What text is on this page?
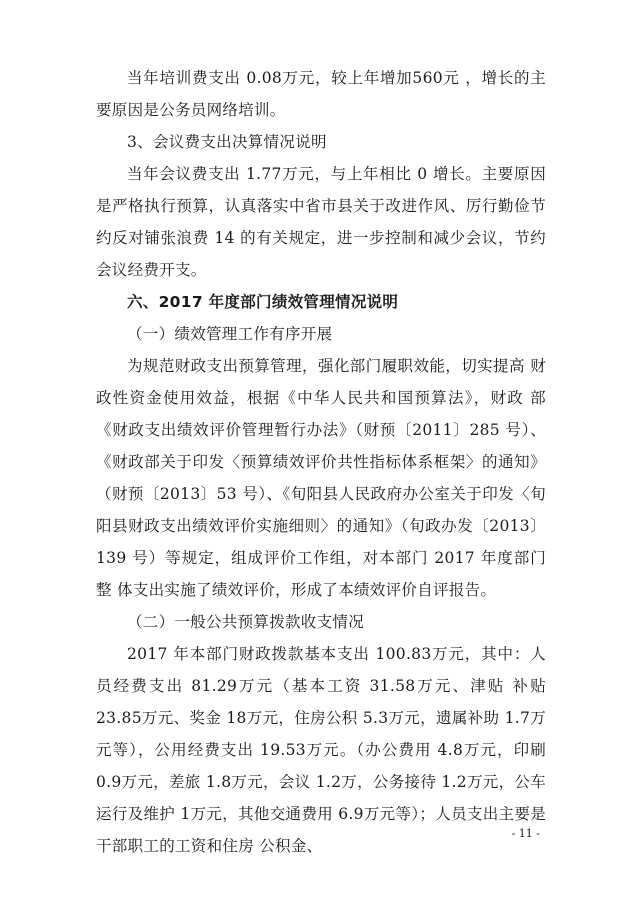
当年培训费支出 0.08万元，较上年增加560元 ，增长的主要原因是公务员网络培训。

3、会议费支出决算情况说明

当年会议费支出 1.77万元，与上年相比 0 增长。主要原因是严格执行预算，认真落实中省市县关于改进作风、厉行勤俭节约反对铺张浪费 14 的有关规定，进一步控制和减少会议，节约会议经费开支。

六、2017 年度部门绩效管理情况说明

（一）绩效管理工作有序开展

为规范财政支出预算管理，强化部门履职效能，切实提高 财政性资金使用效益，根据《中华人民共和国预算法》，财政 部《财政支出绩效评价管理暂行办法》（财预〔2011〕285 号）、 《财政部关于印发〈预算绩效评价共性指标体系框架〉的通知》 （财预〔2013〕53 号）、《旬阳县人民政府办公室关于印发〈旬 阳县财政支出绩效评价实施细则〉的通知》（旬政办发〔2013〕 139 号）等规定，组成评价工作组，对本部门 2017 年度部门整 体支出实施了绩效评价，形成了本绩效评价自评报告。

（二）一般公共预算拨款收支情况

2017 年本部门财政拨款基本支出 100.83万元，其中：人 员经费支出 81.29万元（基本工资 31.58万元、津贴 补贴 23.85万元、奖金 18万元，住房公积 5.3万元，遗属补助 1.7万元等），公用经费支出 19.53万元。（办公费用 4.8万元，印刷 0.9万元，差旅 1.8万元，会议 1.2万，公务接待 1.2万元，公车运行及维护 1万元，其他交通费用 6.9万元等）；人员支出主要是干部职工的工资和住房 公积金、

- 11 -
